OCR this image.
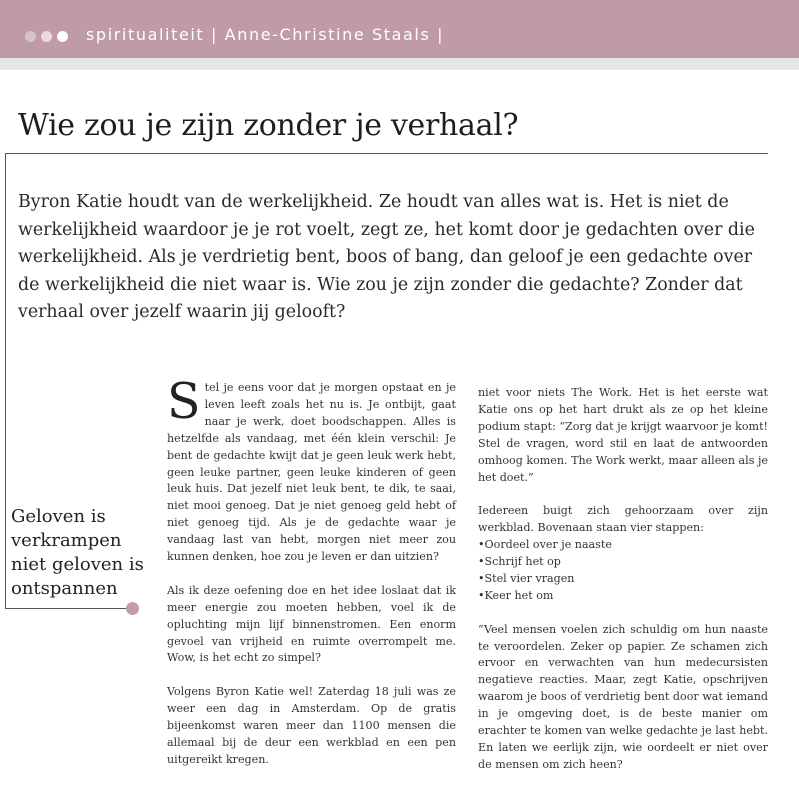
spiritualiteit | Anne-Christine Staals |
Wie zou je zijn zonder je verhaal?

Byron Katie houdt van de werkelijkheid. Ze houdt van alles wat is. Het is niet de werkelijkheid waardoor je je rot voelt, zegt ze, het komt door je gedachten over die werkelijkheid. Als je verdrietig bent, boos of bang, dan geloof je een gedachte over de werkelijkheid die niet waar is. Wie zou je zijn zonder die gedachte? Zonder dat verhaal over jezelf waarin jij gelooft?

Geloven is verkrampen niet geloven is ontspannen

Stel je eens voor dat je morgen opstaat en je leven leeft zoals het nu is. Je ontbijt, gaat naar je werk, doet boodschappen. Alles is hetzelfde als vandaag, met één klein verschil: Je bent de gedachte kwijt dat je geen leuk werk hebt, geen leuke partner, geen leuke kinderen of geen leuk huis. Dat jezelf niet leuk bent, te dik, te saai, niet mooi genoeg. Dat je niet genoeg geld hebt of niet genoeg tijd. Als je de gedachte waar je vandaag last van hebt, morgen niet meer zou kunnen denken, hoe zou je leven er dan uitzien?

Als ik deze oefening doe en het idee loslaat dat ik meer energie zou moeten hebben, voel ik de opluchting mijn lijf binnenstromen. Een enorm gevoel van vrijheid en ruimte overrompelt me. Wow, is het echt zo simpel?

Volgens Byron Katie wel! Zaterdag 18 juli was ze weer een dag in Amsterdam. Op de gratis bijeenkomst waren meer dan 1100 mensen die allemaal bij de deur een werkblad en een pen uitgereikt kregen.

niet voor niets The Work. Het is het eerste wat Katie ons op het hart drukt als ze op het kleine podium stapt: “Zorg dat je krijgt waarvoor je komt! Stel de vragen, word stil en laat de antwoorden omhoog komen. The Work werkt, maar alleen als je het doet.”

Iedereen buigt zich gehoorzaam over zijn werkblad. Bovenaan staan vier stappen:

• Oordeel over je naaste
• Schrijf het op
• Stel vier vragen
• Keer het om

“Veel mensen voelen zich schuldig om hun naaste te veroordelen. Zeker op papier. Ze schamen zich ervoor en verwachten van hun medecursisten negatieve reacties. Maar, zegt Katie, opschrijven waarom je boos of verdrietig bent door wat iemand in je omgeving doet, is de beste manier om erachter te komen van welke gedachte je last hebt. En laten we eerlijk zijn, wie oordeelt er niet over de mensen om zich heen?
